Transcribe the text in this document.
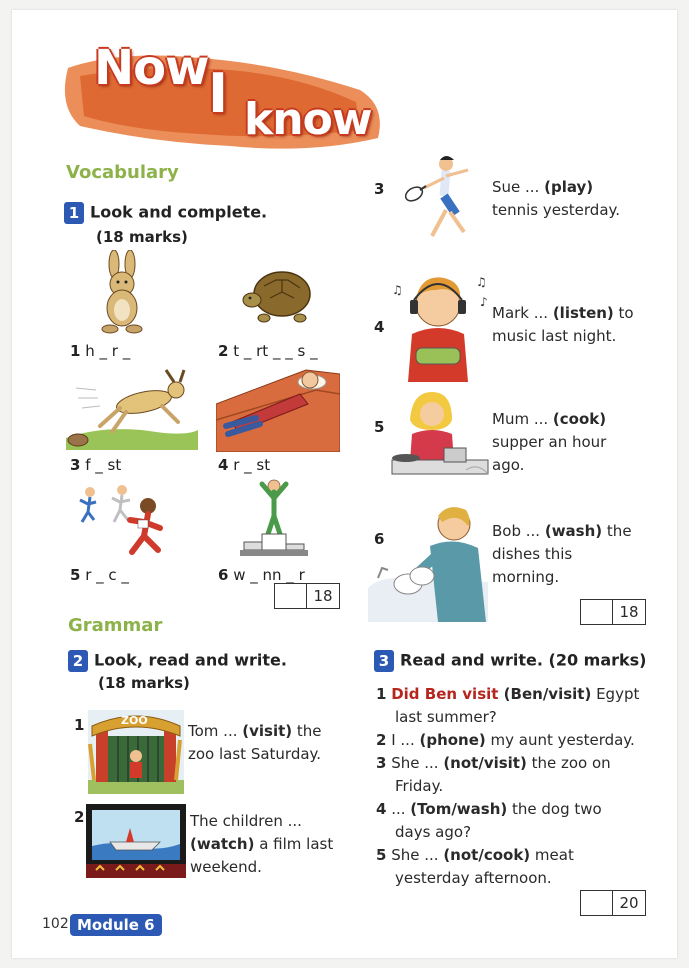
Now I know
Vocabulary
1 Look and complete.
(18 marks)
1 h _ r _	2 t _ rt _ _ s _
3 f _ st	4 r _ st
5 r _ c _	6 w _ nn _ r
18
3	Sue ... (play)
tennis yesterday.
4
♫
♫
♪
Mark ... (listen) to
music last night.
5	Mum ... (cook)
supper an hour
ago.
6	Bob ... (wash) the
dishes this
morning.
18
Grammar
2 Look, read and write.
(18 marks)
1	ZOO
Tom ... (visit) the
zoo last Saturday.
2	The children ...
(watch) a film last
weekend.
3 Read and write. (20 marks)
1 Did Ben visit (Ben/visit) Egypt
last summer?
2 I ... (phone) my aunt yesterday.
3 She ... (not/visit) the zoo on
Friday.
4 ... (Tom/wash) the dog two
days ago?
5 She ... (not/cook) meat
yesterday afternoon.
20
102 Module 6
